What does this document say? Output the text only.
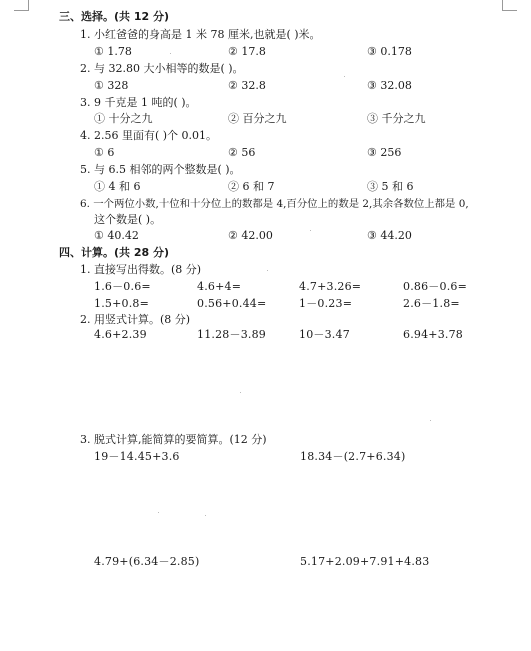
三、选择。(共 12 分)
1. 小红爸爸的身高是 1 米 78 厘米,也就是( )米。
① 1.78	② 17.8	③ 0.178
2. 与 32.80 大小相等的数是( )。
① 328	② 32.8	③ 32.08
3. 9 千克是 1 吨的( )。
① 十分之九	② 百分之九	③ 千分之九
4. 2.56 里面有( )个 0.01。
① 6	② 56	③ 256
5. 与 6.5 相邻的两个整数是( )。
① 4 和 6	② 6 和 7	③ 5 和 6
6. 一个两位小数,十位和十分位上的数都是 4,百分位上的数是 2,其余各数位上都是 0,
这个数是( )。
① 40.42	② 42.00	③ 44.20
四、计算。(共 28 分)
1. 直接写出得数。(8 分)
1.6－0.6=	4.6+4=	4.7+3.26=	0.86－0.6=
1.5+0.8=	0.56+0.44=	1－0.23=	2.6－1.8=
2. 用竖式计算。(8 分)
4.6+2.39	11.28－3.89	10－3.47	6.94+3.78
3. 脱式计算,能简算的要简算。(12 分)
19－14.45+3.6	18.34－(2.7+6.34)
4.79+(6.34－2.85)	5.17+2.09+7.91+4.83
